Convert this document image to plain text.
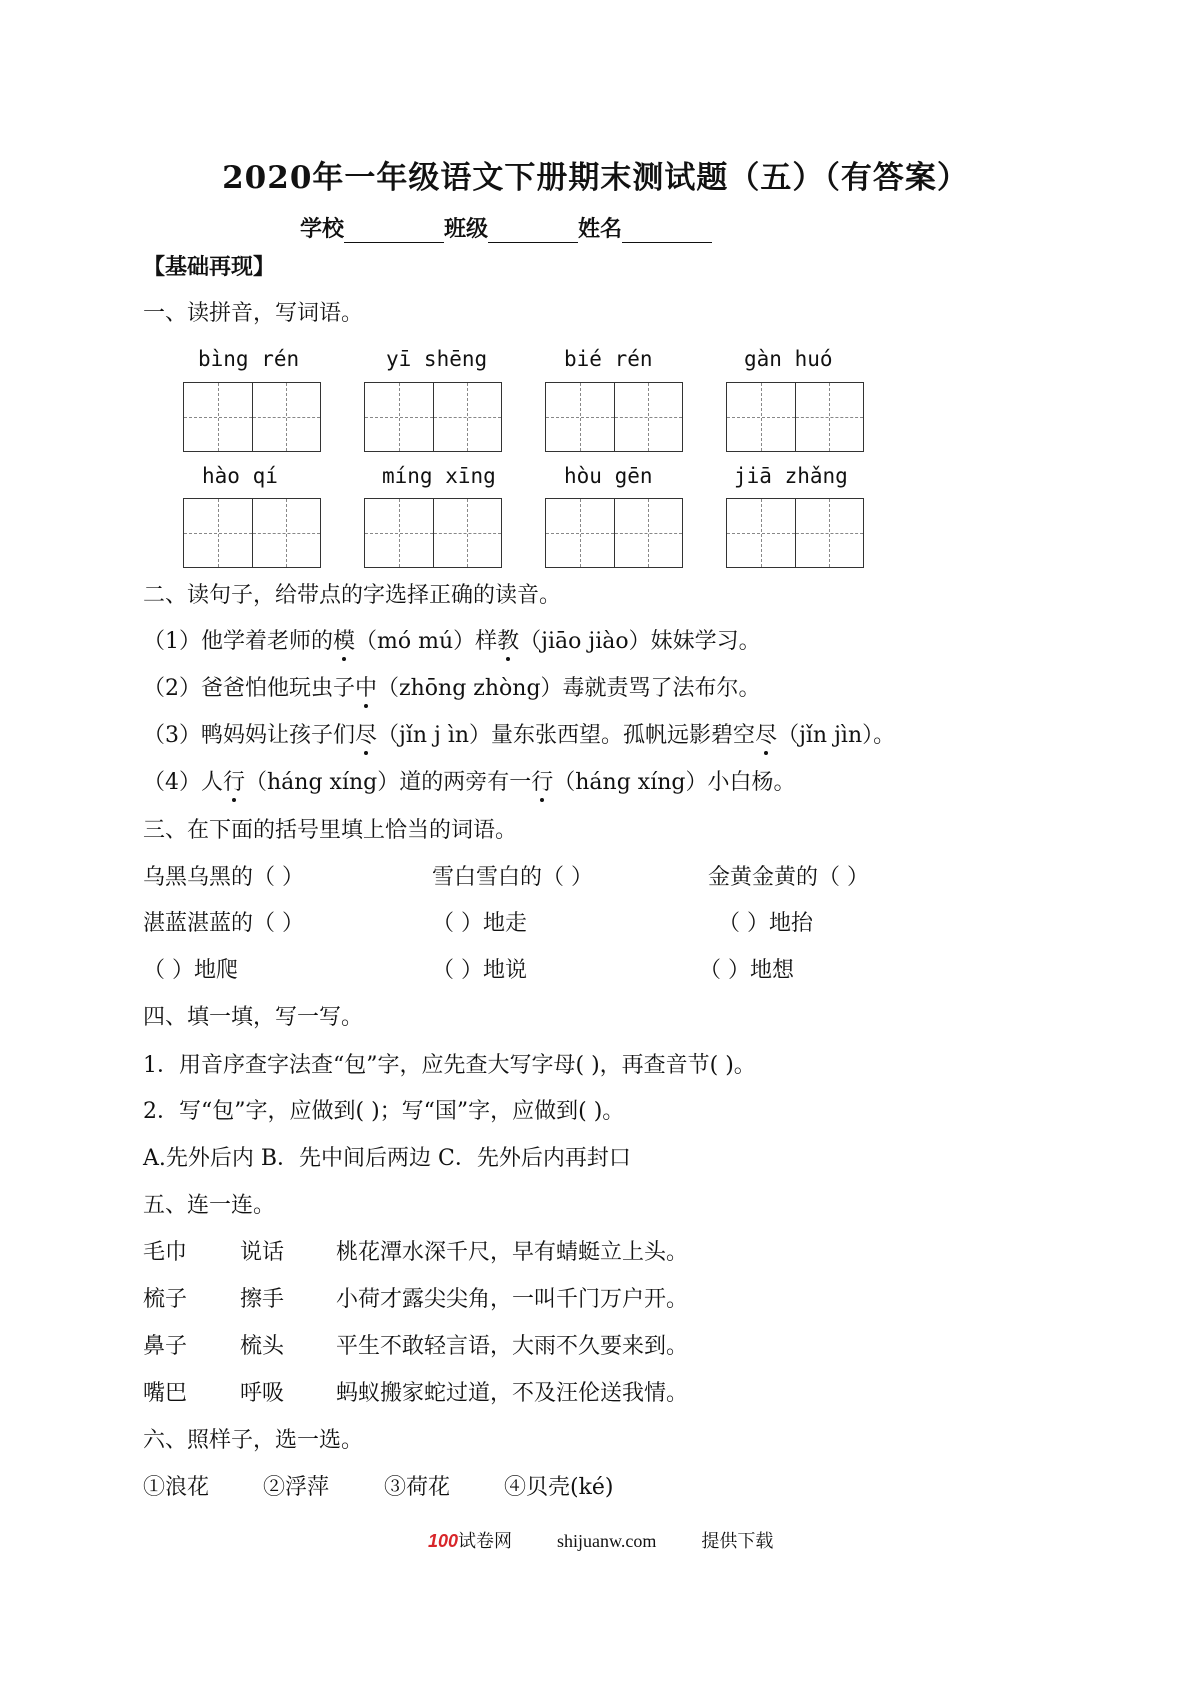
2020年一年级语文下册期末测试题（五）（有答案）
学校	班级	姓名
【基础再现】
一、读拼音，写词语。
bìng rén	yī shēng	bié rén	gàn huó
hào qí	míng xīng	hòu gēn	jiā zhǎng
二、读句子，给带点的字选择正确的读音。
（1）他学着老师的模（mó mú）样教（jiāo jiào）妹妹学习。
（2）爸爸怕他玩虫子中（zhōng zhòng）毒就责骂了法布尔。
（3）鸭妈妈让孩子们尽（jǐn j ìn）量东张西望。孤帆远影碧空尽（jǐn jìn）。
（4）人行（háng xíng）道的两旁有一行（háng xíng）小白杨。
三、在下面的括号里填上恰当的词语。
乌黑乌黑的（ ）	雪白雪白的（ ）	金黄金黄的（ ）
湛蓝湛蓝的（ ）	（ ）地走	（ ）地抬
（ ）地爬	（ ）地说	（ ）地想
四、填一填，写一写。
1．用音序查字法查“包”字，应先查大写字母( )，再查音节( )。
2．写“包”字，应做到( )；写“国”字，应做到( )。
A.先外后内 B．先中间后两边 C．先外后内再封口
五、连一连。
毛巾 说话 桃花潭水深千尺，早有蜻蜓立上头。
梳子 擦手 小荷才露尖尖角，一叫千门万户开。
鼻子 梳头 平生不敢轻言语，大雨不久要来到。
嘴巴 呼吸 蚂蚁搬家蛇过道，不及汪伦送我情。
六、照样子，选一选。
①浪花 ②浮萍 ③荷花 ④贝壳(ké)
100试卷网	shijuanw.com	提供下载
